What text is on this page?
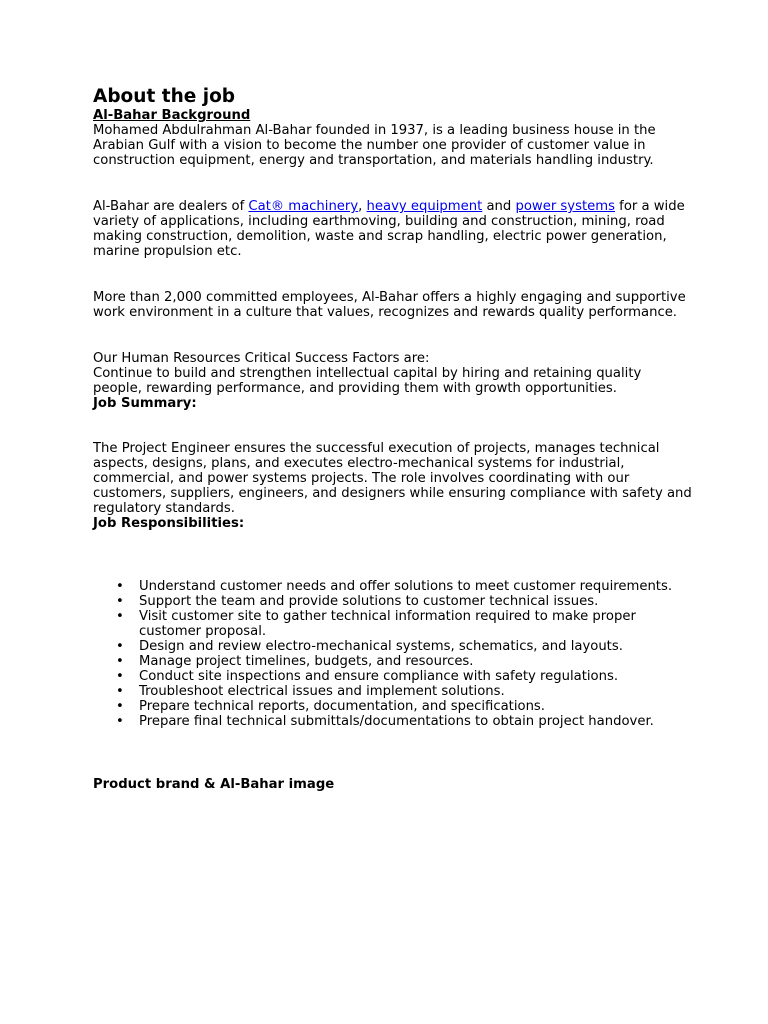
About the job

Al-Bahar Background

Mohamed Abdulrahman Al-Bahar founded in 1937, is a leading business house in the Arabian Gulf with a vision to become the number one provider of customer value in construction equipment, energy and transportation, and materials handling industry.

Al-Bahar are dealers of Cat® machinery, heavy equipment and power systems for a wide variety of applications, including earthmoving, building and construction, mining, road making construction, demolition, waste and scrap handling, electric power generation, marine propulsion etc.

More than 2,000 committed employees, Al-Bahar offers a highly engaging and supportive work environment in a culture that values, recognizes and rewards quality performance.

Our Human Resources Critical Success Factors are:

Continue to build and strengthen intellectual capital by hiring and retaining quality people, rewarding performance, and providing them with growth opportunities.

Job Summary:

The Project Engineer ensures the successful execution of projects, manages technical aspects, designs, plans, and executes electro-mechanical systems for industrial, commercial, and power systems projects. The role involves coordinating with our customers, suppliers, engineers, and designers while ensuring compliance with safety and regulatory standards.

Job Responsibilities:

• Understand customer needs and offer solutions to meet customer requirements.
• Support the team and provide solutions to customer technical issues.
• Visit customer site to gather technical information required to make proper customer proposal.
• Design and review electro-mechanical systems, schematics, and layouts.
• Manage project timelines, budgets, and resources.
• Conduct site inspections and ensure compliance with safety regulations.
• Troubleshoot electrical issues and implement solutions.
• Prepare technical reports, documentation, and specifications.
• Prepare final technical submittals/documentations to obtain project handover.

Product brand & Al-Bahar image
